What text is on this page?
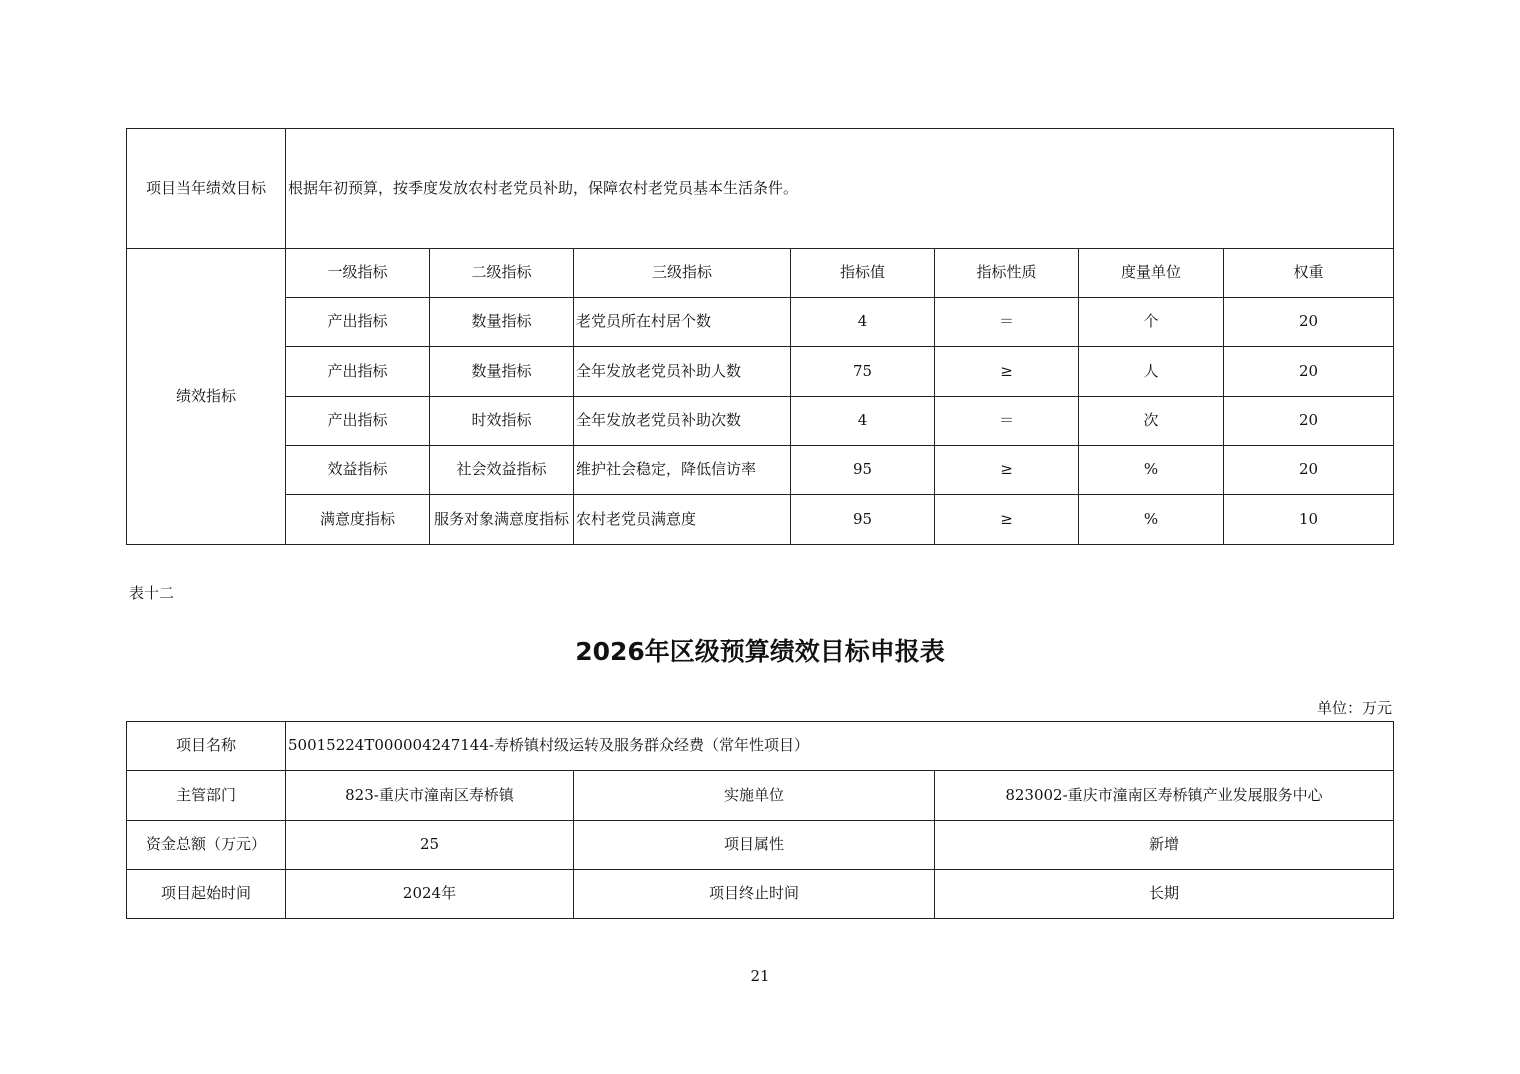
项目当年绩效目标	根据年初预算，按季度发放农村老党员补助，保障农村老党员基本生活条件。						
绩效指标	一级指标	二级指标	三级指标	指标值	指标性质	度量单位	权重
	产出指标	数量指标	老党员所在村居个数	4	＝	个	20
	产出指标	数量指标	全年发放老党员补助人数	75	≥	人	20
	产出指标	时效指标	全年发放老党员补助次数	4	＝	次	20
	效益指标	社会效益指标	维护社会稳定，降低信访率	95	≥	%	20
	满意度指标	服务对象满意度指标	农村老党员满意度	95	≥	%	10
表十二
2026年区级预算绩效目标申报表
单位：万元
项目名称	50015224T000004247144-寿桥镇村级运转及服务群众经费（常年性项目）		
主管部门	823-重庆市潼南区寿桥镇	实施单位	823002-重庆市潼南区寿桥镇产业发展服务中心
资金总额（万元）	25	项目属性	新增
项目起始时间	2024年	项目终止时间	长期
21
